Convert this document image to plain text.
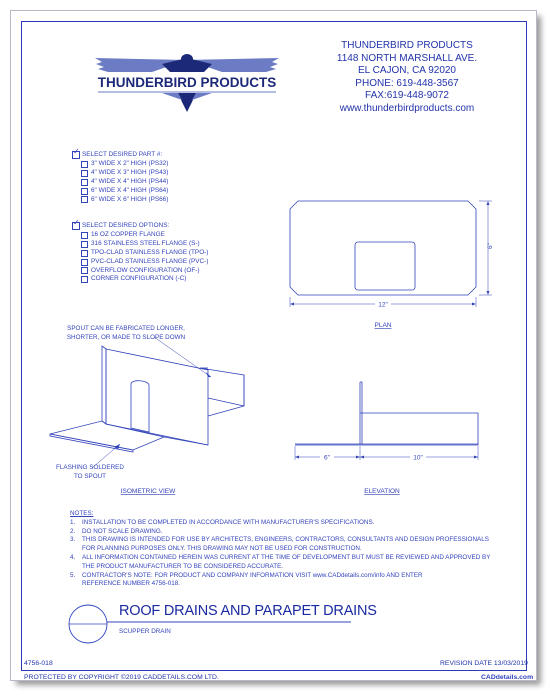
THUNDERBIRD PRODUCTS
THUNDERBIRD PRODUCTS
1148 NORTH MARSHALL AVE.
EL CAJON, CA 92020
PHONE: 619-448-3567
FAX:619-448-9072
www.thunderbirdproducts.com
✓
SELECT DESIRED PART #:
3" WIDE X 2" HIGH (PS32)
4" WIDE X 3" HIGH (PS43)
4" WIDE X 4" HIGH (PS44)
6" WIDE X 4" HIGH (PS64)
6" WIDE X 6" HIGH (PS66)
✓
SELECT DESIRED OPTIONS:
16 OZ COPPER FLANGE
316 STAINLESS STEEL FLANGE (S-)
TPO-CLAD STAINLESS FLANGE (TPO-)
PVC-CLAD STAINLESS FLANGE (PVC-)
OVERFLOW CONFIGURATION (OF-)
CORNER CONFIGURATION (-C)
12"
6"
PLAN
SPOUT CAN BE FABRICATED LONGER,
SHORTER, OR MADE TO SLOPE DOWN
FLASHING SOLDERED
TO SPOUT
ISOMETRIC VIEW
6"	10"
ELEVATION
NOTES:
1.	INSTALLATION TO BE COMPLETED IN ACCORDANCE WITH MANUFACTURER'S SPECIFICATIONS.
2.	DO NOT SCALE DRAWING.
3.	THIS DRAWING IS INTENDED FOR USE BY ARCHITECTS, ENGINEERS, CONTRACTORS, CONSULTANTS AND DESIGN PROFESSIONALS
FOR PLANNING PURPOSES ONLY. THIS DRAWING MAY NOT BE USED FOR CONSTRUCTION.
4.	ALL INFORMATION CONTAINED HEREIN WAS CURRENT AT THE TIME OF DEVELOPMENT BUT MUST BE REVIEWED AND APPROVED BY
THE PRODUCT MANUFACTURER TO BE CONSIDERED ACCURATE.
5.	CONTRACTOR'S NOTE: FOR PRODUCT AND COMPANY INFORMATION VISIT www.CADdetails.com/info AND ENTER
REFERENCE NUMBER 4756-018.
ROOF DRAINS AND PARAPET DRAINS
SCUPPER DRAIN
4756-018	REVISION DATE 13/03/2019
PROTECTED BY COPYRIGHT ©2019 CADDETAILS.COM LTD.	CADdetails.com
